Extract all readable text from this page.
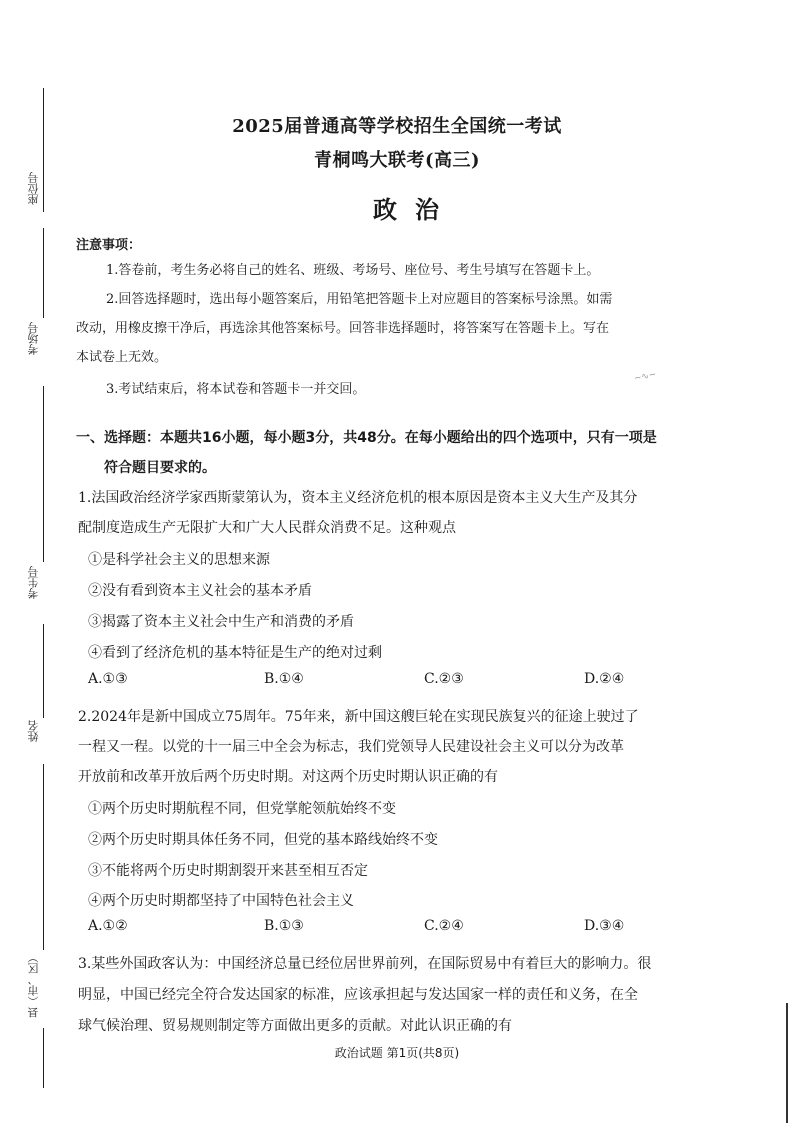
座位号
考场号
考生号
姓名
县（市、区）
2025届普通高等学校招生全国统一考试
青桐鸣大联考(高三)
政治
注意事项：
1.答卷前，考生务必将自己的姓名、班级、考场号、座位号、考生号填写在答题卡上。
2.回答选择题时，选出每小题答案后，用铅笔把答题卡上对应题目的答案标号涂黑。如需
改动，用橡皮擦干净后，再选涂其他答案标号。回答非选择题时，将答案写在答题卡上。写在
本试卷上无效。
3.考试结束后，将本试卷和答题卡一并交回。
~∿~
一、选择题：本题共16小题，每小题3分，共48分。在每小题给出的四个选项中，只有一项是
符合题目要求的。
1.法国政治经济学家西斯蒙第认为，资本主义经济危机的根本原因是资本主义大生产及其分
配制度造成生产无限扩大和广大人民群众消费不足。这种观点
①是科学社会主义的思想来源
②没有看到资本主义社会的基本矛盾
③揭露了资本主义社会中生产和消费的矛盾
④看到了经济危机的基本特征是生产的绝对过剩
A.①③	B.①④	C.②③	D.②④
2.2024年是新中国成立75周年。75年来，新中国这艘巨轮在实现民族复兴的征途上驶过了
一程又一程。以党的十一届三中全会为标志，我们党领导人民建设社会主义可以分为改革
开放前和改革开放后两个历史时期。对这两个历史时期认识正确的有
①两个历史时期航程不同，但党掌舵领航始终不变
②两个历史时期具体任务不同，但党的基本路线始终不变
③不能将两个历史时期割裂开来甚至相互否定
④两个历史时期都坚持了中国特色社会主义
A.①②	B.①③	C.②④	D.③④
3.某些外国政客认为：中国经济总量已经位居世界前列，在国际贸易中有着巨大的影响力。很
明显，中国已经完全符合发达国家的标准，应该承担起与发达国家一样的责任和义务，在全
球气候治理、贸易规则制定等方面做出更多的贡献。对此认识正确的有
政治试题 第1页(共8页)
